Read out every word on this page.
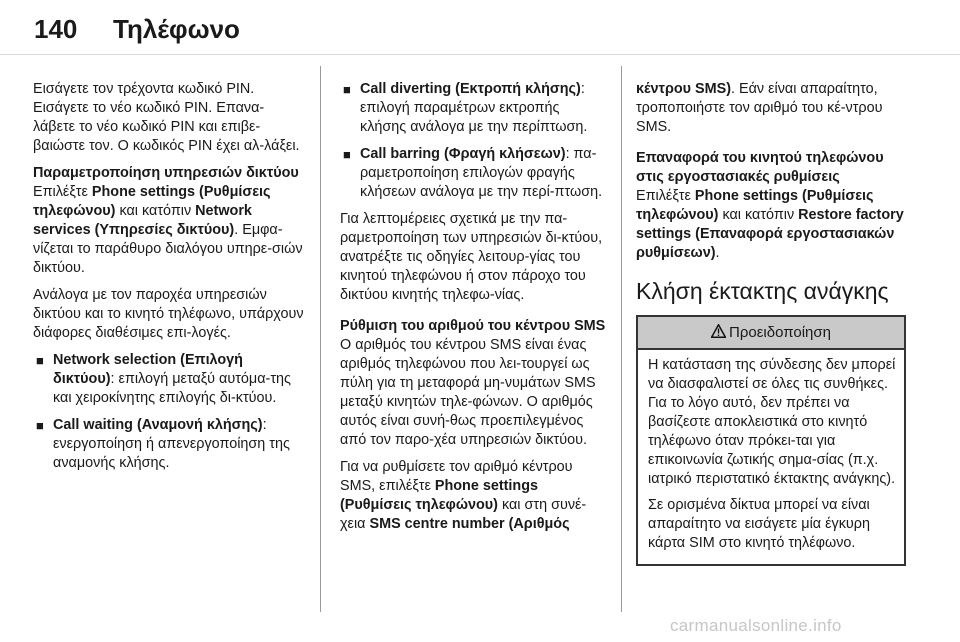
140 Τηλέφωνο

Εισάγετε τον τρέχοντα κωδικό PIN. Εισάγετε το νέο κωδικό PIN. Επανα-λάβετε το νέο κωδικό PIN και επιβε-βαιώστε τον. Ο κωδικός PIN έχει αλ-λάξει.

Παραμετροποίηση υπηρεσιών δικτύου

Επιλέξτε Phone settings (Ρυθμίσεις τηλεφώνου) και κατόπιν Network services (Υπηρεσίες δικτύου). Εμφα-νίζεται το παράθυρο διαλόγου υπηρε-σιών δικτύου.

Ανάλογα με τον παροχέα υπηρεσιών δικτύου και το κινητό τηλέφωνο, υπάρχουν διάφορες διαθέσιμες επι-λογές.

■ Network selection (Επιλογή δικτύου): επιλογή μεταξύ αυτόμα-της και χειροκίνητης επιλογής δι-κτύου.
■ Call waiting (Αναμονή κλήσης): ενεργοποίηση ή απενεργοποίηση της αναμονής κλήσης.
■ Call diverting (Εκτροπή κλήσης): επιλογή παραμέτρων εκτροπής κλήσης ανάλογα με την περίπτωση.
■ Call barring (Φραγή κλήσεων): πα-ραμετροποίηση επιλογών φραγής κλήσεων ανάλογα με την περί-πτωση.

Για λεπτομέρειες σχετικά με την πα-ραμετροποίηση των υπηρεσιών δι-κτύου, ανατρέξτε τις οδηγίες λειτουρ-γίας του κινητού τηλεφώνου ή στον πάροχο του δικτύου κινητής τηλεφω-νίας.

Ρύθμιση του αριθμού του κέντρου SMS

Ο αριθμός του κέντρου SMS είναι ένας αριθμός τηλεφώνου που λει-τουργεί ως πύλη για τη μεταφορά μη-νυμάτων SMS μεταξύ κινητών τηλε-φώνων. Ο αριθμός αυτός είναι συνή-θως προεπιλεγμένος από τον παρο-χέα υπηρεσιών δικτύου.

Για να ρυθμίσετε τον αριθμό κέντρου SMS, επιλέξτε Phone settings (Ρυθμίσεις τηλεφώνου) και στη συνέ-χεια SMS centre number (Αριθμός

κέντρου SMS). Εάν είναι απαραίτητο, τροποποιήστε τον αριθμό του κέ-ντρου SMS.

Επαναφορά του κινητού τηλεφώνου στις εργοστασιακές ρυθμίσεις

Επιλέξτε Phone settings (Ρυθμίσεις τηλεφώνου) και κατόπιν Restore factory settings (Επαναφορά εργοστασιακών ρυθμίσεων).

Κλήση έκτακτης ανάγκης
Προειδοποίηση

Η κατάσταση της σύνδεσης δεν μπορεί να διασφαλιστεί σε όλες τις συνθήκες. Για το λόγο αυτό, δεν πρέπει να βασίζεστε αποκλειστικά στο κινητό τηλέφωνο όταν πρόκει-ται για επικοινωνία ζωτικής σημα-σίας (π.χ. ιατρικό περιστατικό έκτακτης ανάγκης).

Σε ορισμένα δίκτυα μπορεί να είναι απαραίτητο να εισάγετε μία έγκυρη κάρτα SIM στο κινητό τηλέφωνο.

carmanualsonline.info
